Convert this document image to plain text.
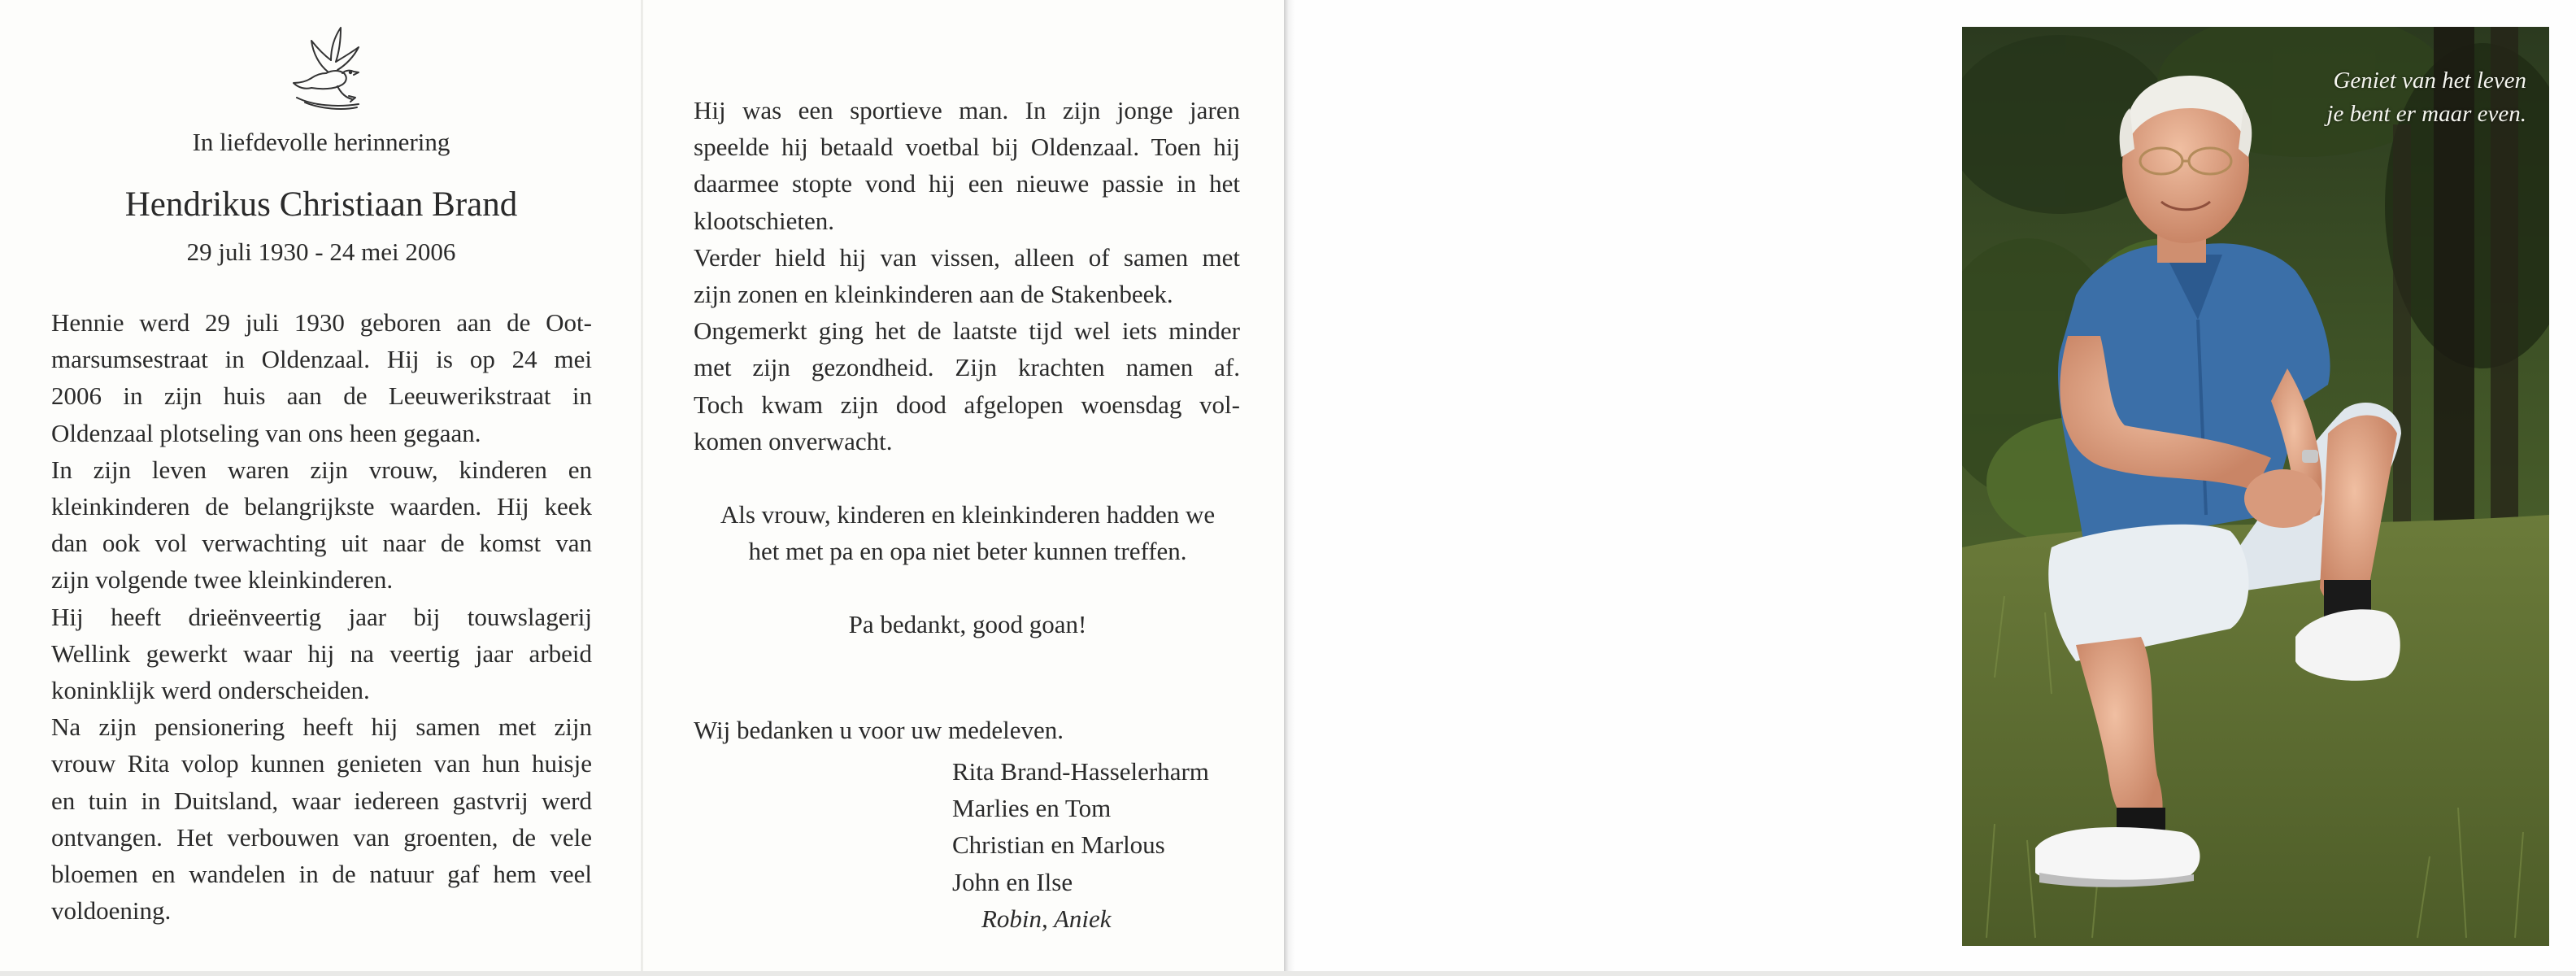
In liefdevolle herinnering
Hendrikus Christiaan Brand
29 juli 1930 - 24 mei 2006
Hennie werd 29 juli 1930 geboren aan de Oot-
marsumsestraat in Oldenzaal. Hij is op 24 mei
2006 in zijn huis aan de Leeuwerikstraat in
Oldenzaal plotseling van ons heen gegaan.
In zijn leven waren zijn vrouw, kinderen en
kleinkinderen de belangrijkste waarden. Hij keek
dan ook vol verwachting uit naar de komst van
zijn volgende twee kleinkinderen.
Hij heeft drieënveertig jaar bij touwslagerij
Wellink gewerkt waar hij na veertig jaar arbeid
koninklijk werd onderscheiden.
Na zijn pensionering heeft hij samen met zijn
vrouw Rita volop kunnen genieten van hun huisje
en tuin in Duitsland, waar iedereen gastvrij werd
ontvangen. Het verbouwen van groenten, de vele
bloemen en wandelen in de natuur gaf hem veel
voldoening.
Hij was een sportieve man. In zijn jonge jaren
speelde hij betaald voetbal bij Oldenzaal. Toen hij
daarmee stopte vond hij een nieuwe passie in het
klootschieten.
Verder hield hij van vissen, alleen of samen met
zijn zonen en kleinkinderen aan de Stakenbeek.
Ongemerkt ging het de laatste tijd wel iets minder
met zijn gezondheid. Zijn krachten namen af.
Toch kwam zijn dood afgelopen woensdag vol-
komen onverwacht.
Als vrouw, kinderen en kleinkinderen hadden we
het met pa en opa niet beter kunnen treffen.
Pa bedankt, good goan!
Wij bedanken u voor uw medeleven.
Rita Brand-Hasselerharm
Marlies en Tom
Christian en Marlous
John en Ilse
Robin, Aniek
Geniet van het leven
je bent er maar even.
